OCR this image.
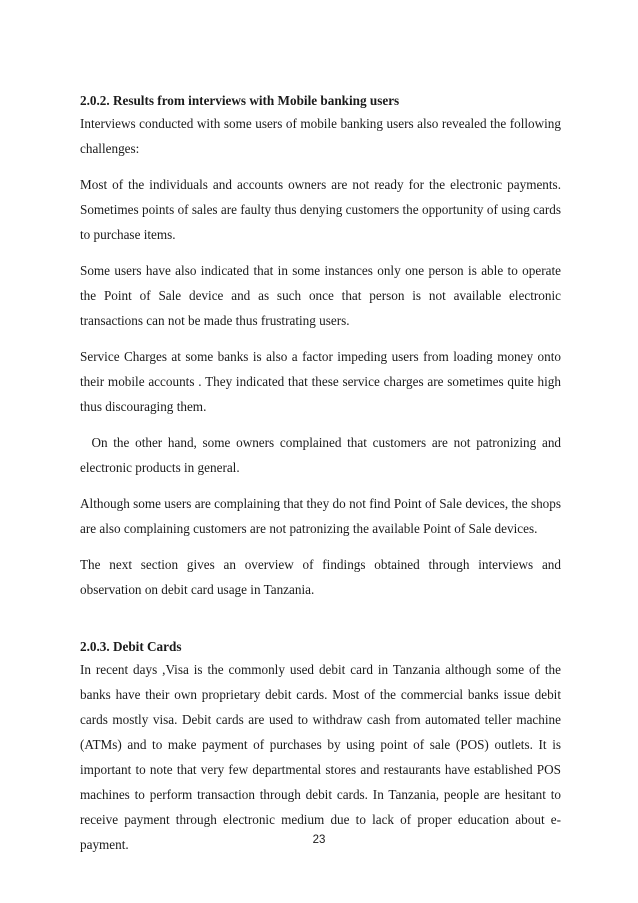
2.0.2. Results from interviews with Mobile banking users

Interviews conducted with some users of mobile banking users also revealed the following challenges:

Most of the individuals and accounts owners are not ready for the electronic payments. Sometimes points of sales are faulty thus denying customers the opportunity of using cards to purchase items.

Some users have also indicated that in some instances only one person is able to operate the Point of Sale device and as such once that person is not available electronic transactions can not be made thus frustrating users.

Service Charges at some banks is also a factor impeding users from loading money onto their mobile accounts . They indicated that these service charges are sometimes quite high thus discouraging them.

On the other hand, some owners complained that customers are not patronizing and electronic products in general.

Although some users are complaining that they do not find Point of Sale devices, the shops are also complaining customers are not patronizing the available Point of Sale devices.

The next section gives an overview of findings obtained through interviews and observation on debit card usage in Tanzania.

2.0.3. Debit Cards

In recent days ,Visa is the commonly used debit card in Tanzania although some of the banks have their own proprietary debit cards. Most of the commercial banks issue debit cards mostly visa. Debit cards are used to withdraw cash from automated teller machine (ATMs) and to make payment of purchases by using point of sale (POS) outlets. It is important to note that very few departmental stores and restaurants have established POS machines to perform transaction through debit cards. In Tanzania, people are hesitant to receive payment through electronic medium due to lack of proper education about e-payment.	23
